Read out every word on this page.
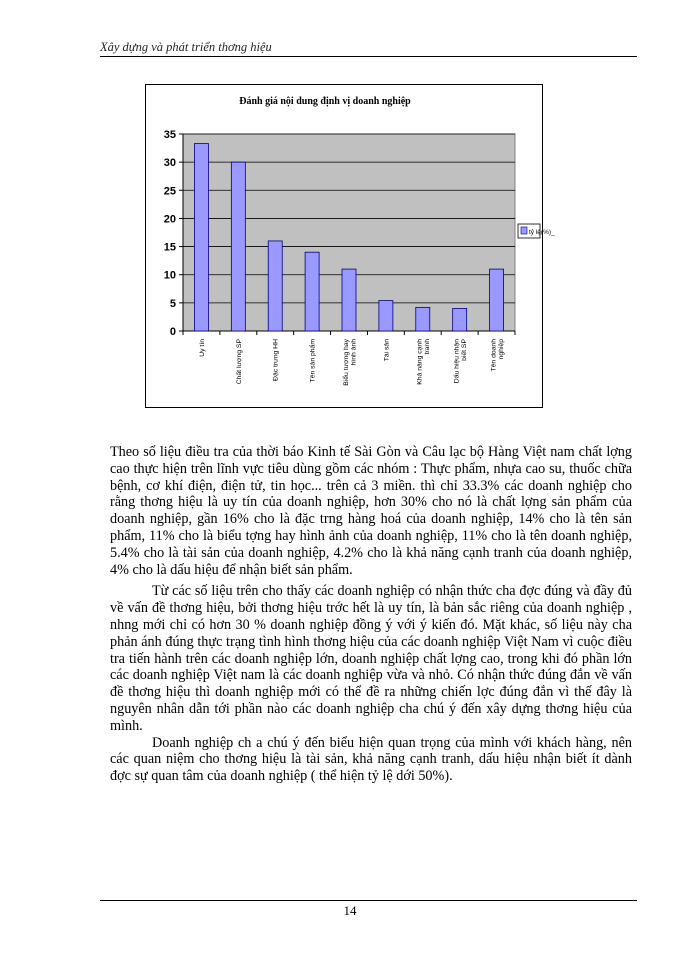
Xây dựng và phát triển thơng hiệu
Đánh giá nội dung định vị doanh nghiệp
0
5
10
15
20
25
30
35
Uy tín	Chất lượng SP	Đặc trưng HH	Tên sản phẩm	Biểu tượng hay hình ảnh	Tài sản	Khả năng cạnh tranh	Dấu hiệu nhận biết SP	Tên doanh nghiệp
tỷ lệ(%)_

Theo số liệu điều tra của thời báo Kinh tế Sài Gòn và Câu lạc bộ Hàng Việt nam chất lợng cao thực hiện trên lĩnh vực tiêu dùng gồm các nhóm : Thực phẩm, nhựa cao su, thuốc chữa bệnh, cơ khí điện, điện tử, tin học... trên cả 3 miền. thì chỉ 33.3% các doanh nghiệp cho rằng thơng hiệu là uy tín của doanh nghiệp, hơn 30% cho nó là chất lợng sản phẩm của doanh nghiệp, gần 16% cho là đặc trng hàng hoá của doanh nghiệp, 14% cho là tên sản phẩm, 11% cho là biểu tợng hay hình ảnh của doanh nghiệp, 11% cho là tên doanh nghiệp, 5.4% cho là tài sản của doanh nghiệp, 4.2% cho là khả năng cạnh tranh của doanh nghiệp, 4% cho là dấu hiệu để nhận biết sản phẩm.

Từ các số liệu trên cho thấy các doanh nghiệp có nhận thức cha đợc đúng và đầy đủ về vấn đề thơng hiệu, bởi thơng hiệu trớc hết là uy tín, là bản sắc riêng của doanh nghiệp , nhng mới chỉ có hơn 30 % doanh nghiệp đồng ý với ý kiến đó. Mặt khác, số liệu này cha phản ánh đúng thực trạng tình hình thơng hiệu của các doanh nghiệp Việt Nam vì cuộc điều tra tiến hành trên các doanh nghiệp lớn, doanh nghiệp chất lợng cao, trong khi đó phần lớn các doanh nghiệp Việt nam là các doanh nghiệp vừa và nhỏ. Có nhận thức đúng đắn về vấn đề thơng hiệu thì doanh nghiệp mới có thể đề ra những chiến lợc đúng đắn vì thế đây là nguyên nhân dẫn tới phần nào các doanh nghiệp cha chú ý đến xây dựng thơng hiệu của mình.

Doanh nghiệp ch a chú ý đến biểu hiện quan trọng của mình với khách hàng, nên các quan niệm cho thơng hiệu là tài sản, khả năng cạnh tranh, dấu hiệu nhận biết ít dành đợc sự quan tâm của doanh nghiệp ( thể hiện tỷ lệ dới 50%).

14
